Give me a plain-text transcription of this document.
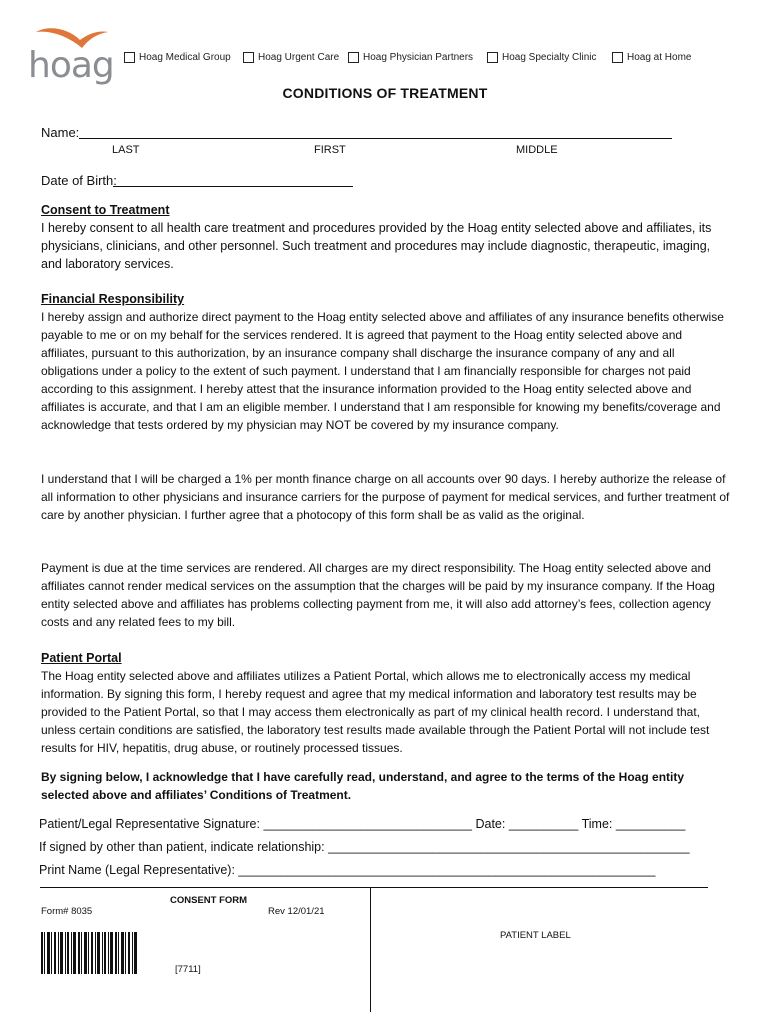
hoag	Hoag Medical Group	Hoag Urgent Care Hoag Physician Partners	Hoag Specialty Clinic	Hoag at Home
CONDITIONS OF TREATMENT
Name:
LAST	FIRST	MIDDLE
Date of Birth:
Consent to Treatment
I hereby consent to all health care treatment and procedures provided by the Hoag entity selected above and affiliates, its physicians, clinicians, and other personnel. Such treatment and procedures may include diagnostic, therapeutic, imaging, and laboratory services.
Financial Responsibility
I hereby assign and authorize direct payment to the Hoag entity selected above and affiliates of any insurance benefits otherwise payable to me or on my behalf for the services rendered. It is agreed that payment to the Hoag entity selected above and affiliates, pursuant to this authorization, by an insurance company shall discharge the insurance company of any and all obligations under a policy to the extent of such payment. I understand that I am financially responsible for charges not paid according to this assignment. I hereby attest that the insurance information provided to the Hoag entity selected above and affiliates is accurate, and that I am an eligible member. I understand that I am responsible for knowing my benefits/coverage and acknowledge that tests ordered by my physician may NOT be covered by my insurance company.
I understand that I will be charged a 1% per month finance charge on all accounts over 90 days. I hereby authorize the release of all information to other physicians and insurance carriers for the purpose of payment for medical services, and further treatment of care by another physician. I further agree that a photocopy of this form shall be as valid as the original.
Payment is due at the time services are rendered. All charges are my direct responsibility. The Hoag entity selected above and affiliates cannot render medical services on the assumption that the charges will be paid by my insurance company. If the Hoag entity selected above and affiliates has problems collecting payment from me, it will also add attorney’s fees, collection agency costs and any related fees to my bill.
Patient Portal
The Hoag entity selected above and affiliates utilizes a Patient Portal, which allows me to electronically access my medical information. By signing this form, I hereby request and agree that my medical information and laboratory test results may be provided to the Patient Portal, so that I may access them electronically as part of my clinical health record. I understand that, unless certain conditions are satisfied, the laboratory test results made available through the Patient Portal will not include test results for HIV, hepatitis, drug abuse, or routinely processed tissues.
By signing below, I acknowledge that I have carefully read, understand, and agree to the terms of the Hoag entity selected above and affiliates’ Conditions of Treatment.
Patient/Legal Representative Signature: ______________________________ Date: __________ Time: __________
If signed by other than patient, indicate relationship: ____________________________________________________
Print Name (Legal Representative): ____________________________________________________________
CONSENT FORM
Form# 8035	Rev 12/01/21
PATIENT LABEL
[7711]
